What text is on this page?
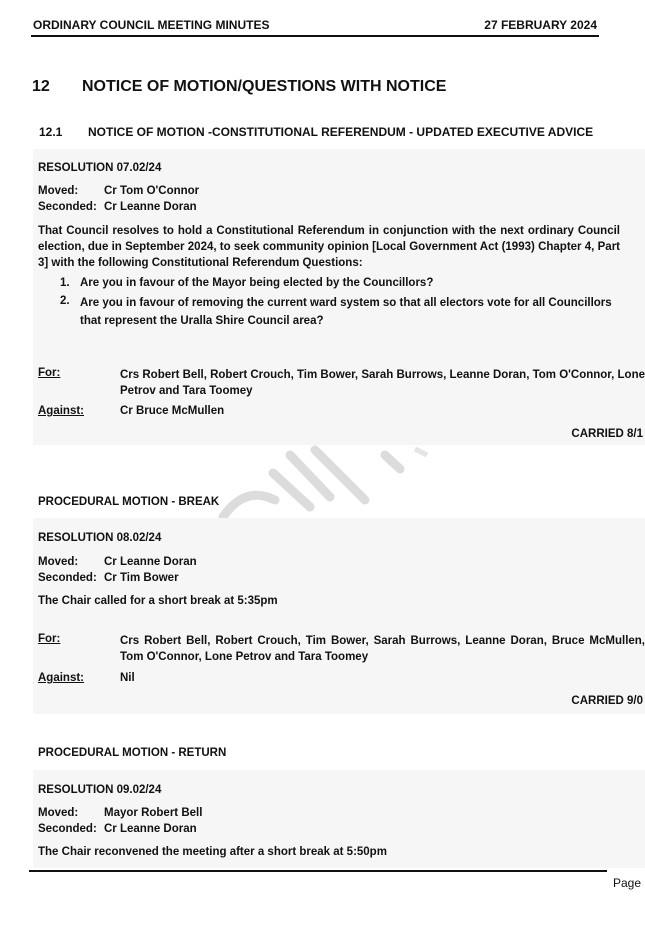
ORDINARY COUNCIL MEETING MINUTES	27 FEBRUARY 2024
12 NOTICE OF MOTION/QUESTIONS WITH NOTICE
12.1 NOTICE OF MOTION -CONSTITUTIONAL REFERENDUM - UPDATED EXECUTIVE ADVICE
RESOLUTION 07.02/24
Moved: Cr Tom O'Connor
Seconded: Cr Leanne Doran
That Council resolves to hold a Constitutional Referendum in conjunction with the next ordinary Council election, due in September 2024, to seek community opinion [Local Government Act (1993) Chapter 4, Part 3] with the following Constitutional Referendum Questions:
1. Are you in favour of the Mayor being elected by the Councillors?
2. Are you in favour of removing the current ward system so that all electors vote for all Councillors that represent the Uralla Shire Council area?
For:	Crs Robert Bell, Robert Crouch, Tim Bower, Sarah Burrows, Leanne Doran, Tom O'Connor, Lone Petrov and Tara Toomey
Against:	Cr Bruce McMullen
CARRIED 8/1
PROCEDURAL MOTION - BREAK
RESOLUTION 08.02/24
Moved: Cr Leanne Doran
Seconded: Cr Tim Bower
The Chair called for a short break at 5:35pm
For:	Crs Robert Bell, Robert Crouch, Tim Bower, Sarah Burrows, Leanne Doran, Bruce McMullen, Tom O'Connor, Lone Petrov and Tara Toomey
Against:	Nil
CARRIED 9/0
PROCEDURAL MOTION - RETURN
RESOLUTION 09.02/24
Moved: Mayor Robert Bell
Seconded: Cr Leanne Doran
The Chair reconvened the meeting after a short break at 5:50pm
Page
